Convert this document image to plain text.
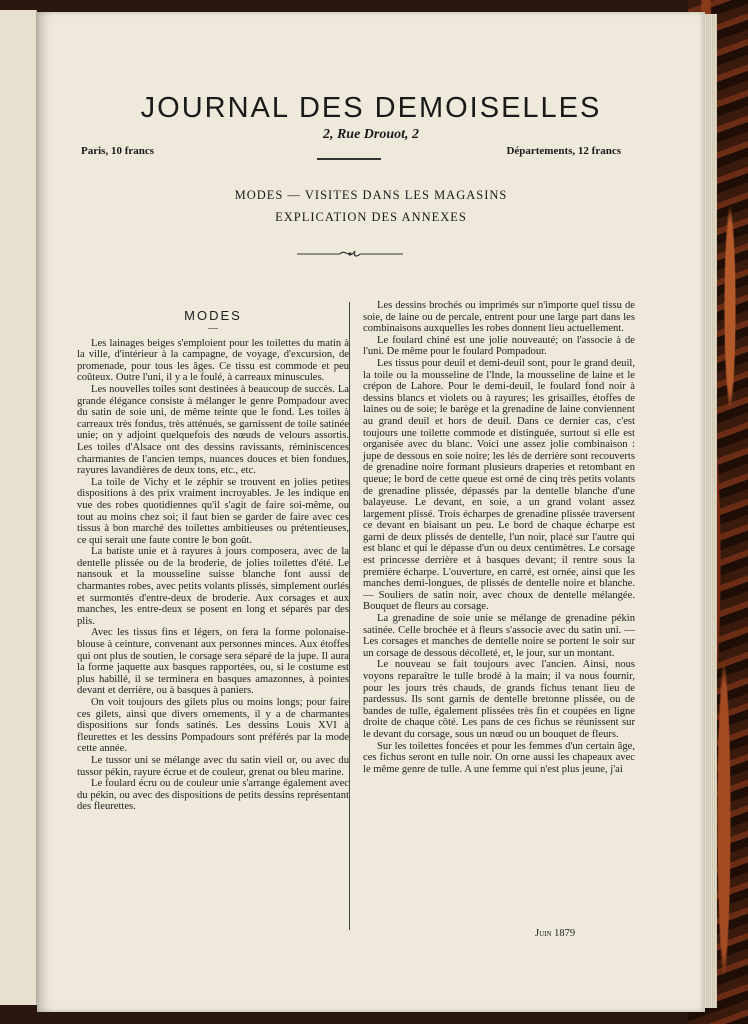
JOURNAL DES DEMOISELLES
2, Rue Drouot, 2
Paris, 10 francs	Départements, 12 francs
MODES — VISITES DANS LES MAGASINS
EXPLICATION DES ANNEXES
MODES
—

Les lainages beiges s'emploient pour les toilettes du matin à la ville, d'intérieur à la campagne, de voyage, d'excursion, de promenade, pour tous les âges. Ce tissu est commode et peu coûteux. Outre l'uni, il y a le foulé, à carreaux minuscules.

Les nouvelles toiles sont destinées à beaucoup de succès. La grande élégance consiste à mélanger le genre Pompadour avec du satin de soie uni, de même teinte que le fond. Les toiles à carreaux très fondus, très atténués, se garnissent de toile satinée unie; on y adjoint quelquefois des nœuds de velours assortis. Les toiles d'Alsace ont des dessins ravissants, réminiscences charmantes de l'ancien temps, nuances douces et bien fondues, rayures lavandières de deux tons, etc., etc.

La toile de Vichy et le zéphir se trouvent en jolies petites dispositions à des prix vraiment incroyables. Je les indique en vue des robes quotidiennes qu'il s'agit de faire soi-même, ou tout au moins chez soi; il faut bien se garder de faire avec ces tissus à bon marché des toilettes ambitieuses ou prétentieuses, ce qui serait une faute contre le bon goût.

La batiste unie et à rayures à jours composera, avec de la dentelle plissée ou de la broderie, de jolies toilettes d'été. Le nansouk et la mousseline suisse blanche font aussi de charmantes robes, avec petits volants plissés, simplement ourlés et surmontés d'entre-deux de broderie. Aux corsages et aux manches, les entre-deux se posent en long et séparés par des plis.

Avec les tissus fins et légers, on fera la forme polonaise-blouse à ceinture, convenant aux personnes minces. Aux étoffes qui ont plus de soutien, le corsage sera séparé de la jupe. Il aura la forme jaquette aux basques rapportées, ou, si le costume est plus habillé, il se terminera en basques amazonnes, à pointes devant et derrière, ou à basques à paniers.

On voit toujours des gilets plus ou moins longs; pour faire ces gilets, ainsi que divers ornements, il y a de charmantes dispositions sur fonds satinés. Les dessins Louis XVI à fleurettes et les dessins Pompadours sont préférés par la mode cette année.

Le tussor uni se mélange avec du satin vieil or, ou avec du tussor pékin, rayure écrue et de couleur, grenat ou bleu marine.

Le foulard écru ou de couleur unie s'arrange également avec du pékin, ou avec des dispositions de petits dessins représentant des fleurettes.

Les dessins brochés ou imprimés sur n'importe quel tissu de soie, de laine ou de percale, entrent pour une large part dans les combinaisons auxquelles les robes donnent lieu actuellement.

Le foulard chiné est une jolie nouveauté; on l'associe à de l'uni. De même pour le foulard Pompadour.

Les tissus pour deuil et demi-deuil sont, pour le grand deuil, la toile ou la mousseline de l'Inde, la mousseline de laine et le crépon de Lahore. Pour le demi-deuil, le foulard fond noir à dessins blancs et violets ou à rayures; les grisailles, étoffes de laines ou de soie; le barège et la grenadine de laine conviennent au grand deuil et hors de deuil. Dans ce dernier cas, c'est toujours une toilette commode et distinguée, surtout si elle est organisée avec du blanc. Voici une assez jolie combinaison : jupe de dessous en soie noire; les lés de derrière sont recouverts de grenadine noire formant plusieurs draperies et retombant en queue; le bord de cette queue est orné de cinq très petits volants de grenadine plissée, dépassés par la dentelle blanche d'une balayeuse. Le devant, en soie, a un grand volant assez largement plissé. Trois écharpes de grenadine plissée traversent ce devant en biaisant un peu. Le bord de chaque écharpe est garni de deux plissés de dentelle, l'un noir, placé sur l'autre qui est blanc et qui le dépasse d'un ou deux centimètres. Le corsage est princesse derrière et à basques devant; il rentre sous la première écharpe. L'ouverture, en carré, est ornée, ainsi que les manches demi-longues, de plissés de dentelle noire et blanche. — Souliers de satin noir, avec choux de dentelle mélangée. Bouquet de fleurs au corsage.

La grenadine de soie unie se mélange de grenadine pékin satinée. Celle brochée et à fleurs s'associe avec du satin uni. — Les corsages et manches de dentelle noire se portent le soir sur un corsage de dessous décolleté, et, le jour, sur un montant.

Le nouveau se fait toujours avec l'ancien. Ainsi, nous voyons reparaître le tulle brodé à la main; il va nous fournir, pour les jours très chauds, de grands fichus tenant lieu de pardessus. Ils sont garnis de dentelle bretonne plissée, ou de bandes de tulle, également plissées très fin et coupées en ligne droite de chaque côté. Les pans de ces fichus se réunissent sur le devant du corsage, sous un nœud ou un bouquet de fleurs.

Sur les toilettes foncées et pour les femmes d'un certain âge, ces fichus seront en tulle noir. On orne aussi les chapeaux avec le même genre de tulle. A une femme qui n'est plus jeune, j'ai

Juin 1879
